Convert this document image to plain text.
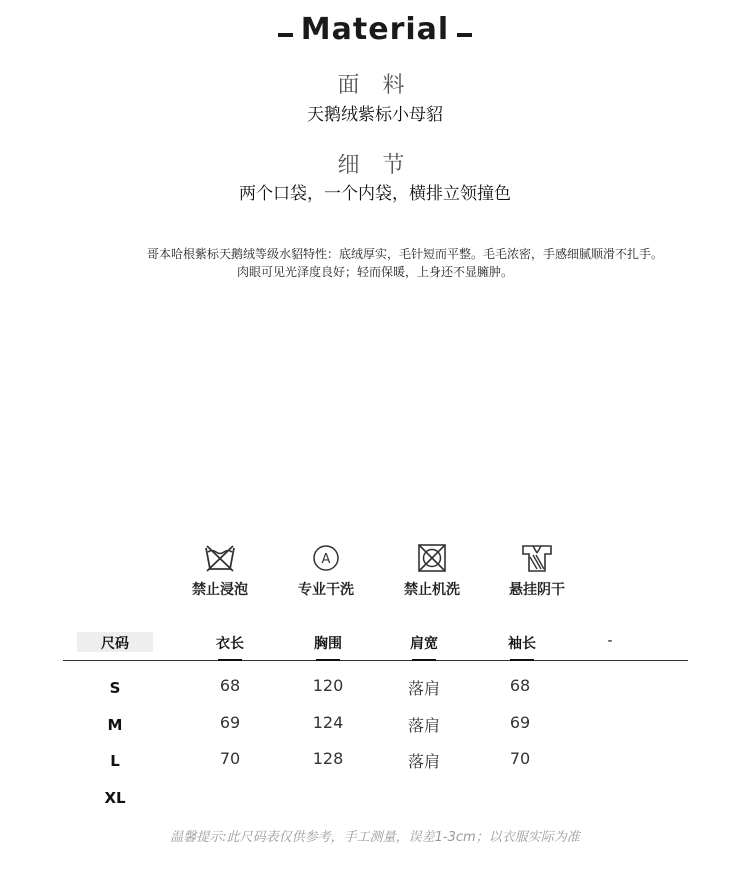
Material
面 料
天鹅绒紫标小母貂
细 节
两个口袋，一个内袋，横排立领撞色
哥本哈根紫标天鹅绒等级水貂特性：底绒厚实，毛针短而平整。毛毛浓密，手感细腻顺滑不扎手。
肉眼可见光泽度良好；轻而保暖，上身还不显臃肿。
禁止浸泡
A
专业干洗	禁止机洗	悬挂阴干
尺码	衣长	胸围	肩宽	袖长	-
S	68	120	落肩	68
M	69	124	落肩	69
L	70	128	落肩	70
XL
温馨提示:此尺码表仅供参考，手工测量，误差1-3cm；以衣服实际为准
